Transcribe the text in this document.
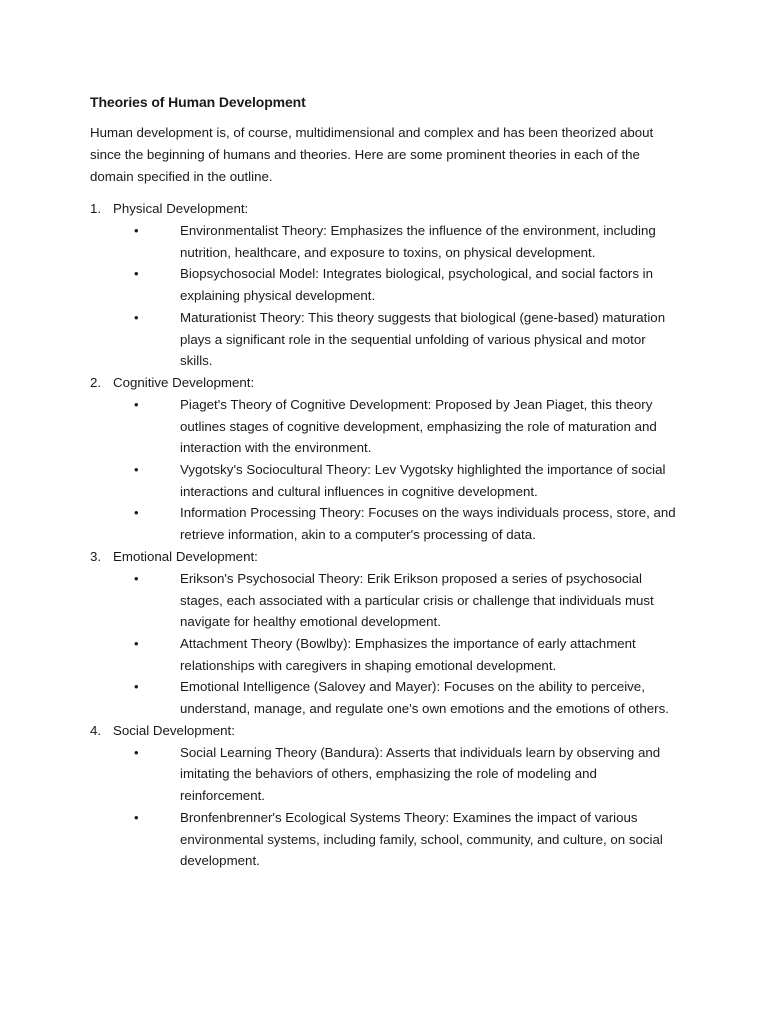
Theories of Human Development

Human development is, of course, multidimensional and complex and has been theorized about since the beginning of humans and theories. Here are some prominent theories in each of the domain specified in the outline.

1. Physical Development:
•	Environmentalist Theory: Emphasizes the influence of the environment, including nutrition, healthcare, and exposure to toxins, on physical development.
•	Biopsychosocial Model: Integrates biological, psychological, and social factors in explaining physical development.
•	Maturationist Theory: This theory suggests that biological (gene-based) maturation plays a significant role in the sequential unfolding of various physical and motor skills.
2. Cognitive Development:
•	Piaget's Theory of Cognitive Development: Proposed by Jean Piaget, this theory outlines stages of cognitive development, emphasizing the role of maturation and interaction with the environment.
•	Vygotsky's Sociocultural Theory: Lev Vygotsky highlighted the importance of social interactions and cultural influences in cognitive development.
•	Information Processing Theory: Focuses on the ways individuals process, store, and retrieve information, akin to a computer's processing of data.
3. Emotional Development:
•	Erikson's Psychosocial Theory: Erik Erikson proposed a series of psychosocial stages, each associated with a particular crisis or challenge that individuals must navigate for healthy emotional development.
•	Attachment Theory (Bowlby): Emphasizes the importance of early attachment relationships with caregivers in shaping emotional development.
•	Emotional Intelligence (Salovey and Mayer): Focuses on the ability to perceive, understand, manage, and regulate one's own emotions and the emotions of others.
4. Social Development:
•	Social Learning Theory (Bandura): Asserts that individuals learn by observing and imitating the behaviors of others, emphasizing the role of modeling and reinforcement.
•	Bronfenbrenner's Ecological Systems Theory: Examines the impact of various environmental systems, including family, school, community, and culture, on social development.
